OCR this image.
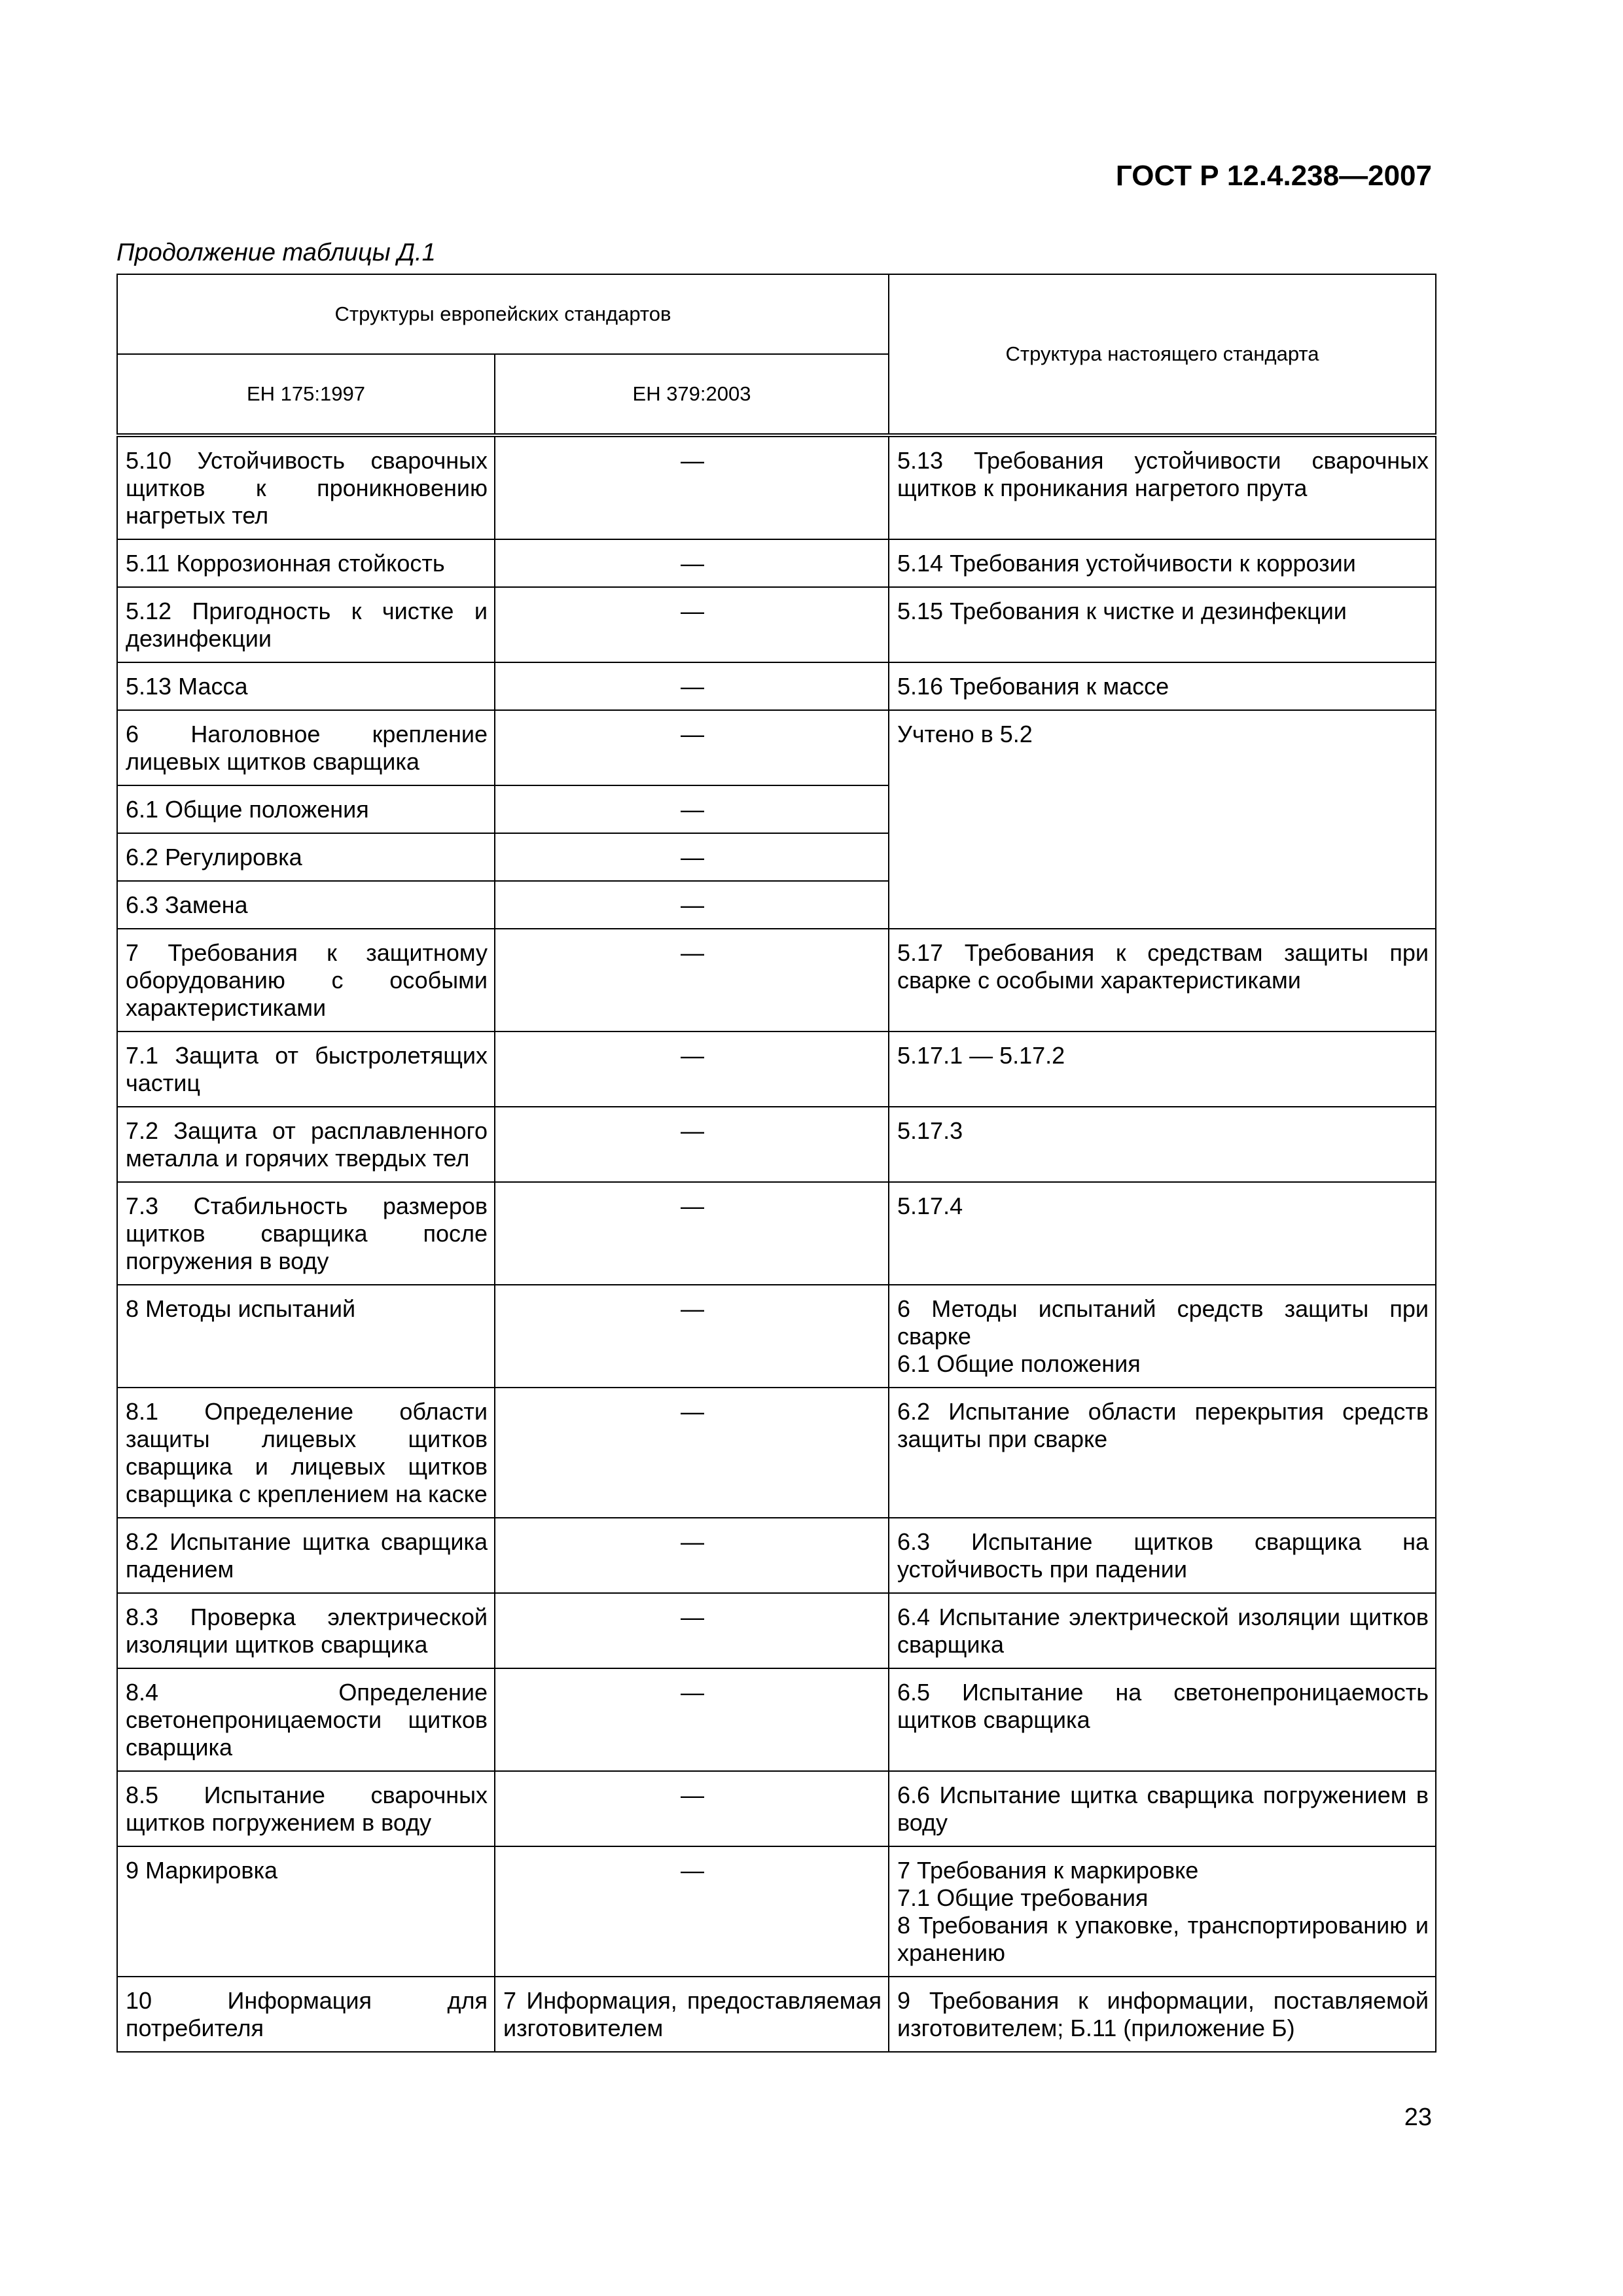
ГОСТ Р 12.4.238—2007
Продолжение таблицы Д.1
Структуры европейских стандартов		Структура настоящего стандарта
ЕН 175:1997	ЕН 379:2003	
5.10 Устойчивость сварочных щитков к проникновению нагретых тел	—	5.13 Требования устойчивости сварочных щитков к проникания нагретого прута
5.11 Коррозионная стойкость	—	5.14 Требования устойчивости к коррозии
5.12 Пригодность к чистке и дезинфекции	—	5.15 Требования к чистке и дезинфекции
5.13 Масса	—	5.16 Требования к массе
6 Наголовное крепление лицевых щитков сварщика	—	Учтено в 5.2
6.1 Общие положения	—	
6.2 Регулировка	—	
6.3 Замена	—	
7 Требования к защитному оборудованию с особыми характеристиками	—	5.17 Требования к средствам защиты при сварке с особыми характеристиками
7.1 Защита от быстролетящих частиц	—	5.17.1 — 5.17.2
7.2 Защита от расплавленного металла и горячих твердых тел	—	5.17.3
7.3 Стабильность размеров щитков сварщика после погружения в воду	—	5.17.4
8 Методы испытаний	—	6 Методы испытаний средств защиты при сварке
6.1 Общие положения

8.1 Определение области защиты лицевых щитков сварщика и лицевых щитков сварщика с креплением на каске	—	6.2 Испытание области перекрытия средств защиты при сварке
8.2 Испытание щитка сварщика падением	—	6.3 Испытание щитков сварщика на устойчивость при падении
8.3 Проверка электрической изоляции щитков сварщика	—	6.4 Испытание электрической изоляции щитков сварщика
8.4 Определение светонепроницаемости щитков сварщика	—	6.5 Испытание на светонепроницаемость щитков сварщика
8.5 Испытание сварочных щитков погружением в воду	—	6.6 Испытание щитка сварщика погружением в воду
9 Маркировка	—	7 Требования к маркировке
7.1 Общие требования
8 Требования к упаковке, транспортированию и хранению

10 Информация для потребителя	7 Информация, предоставляемая изготовителем	9 Требования к информации, поставляемой изготовителем; Б.11 (приложение Б)
23
